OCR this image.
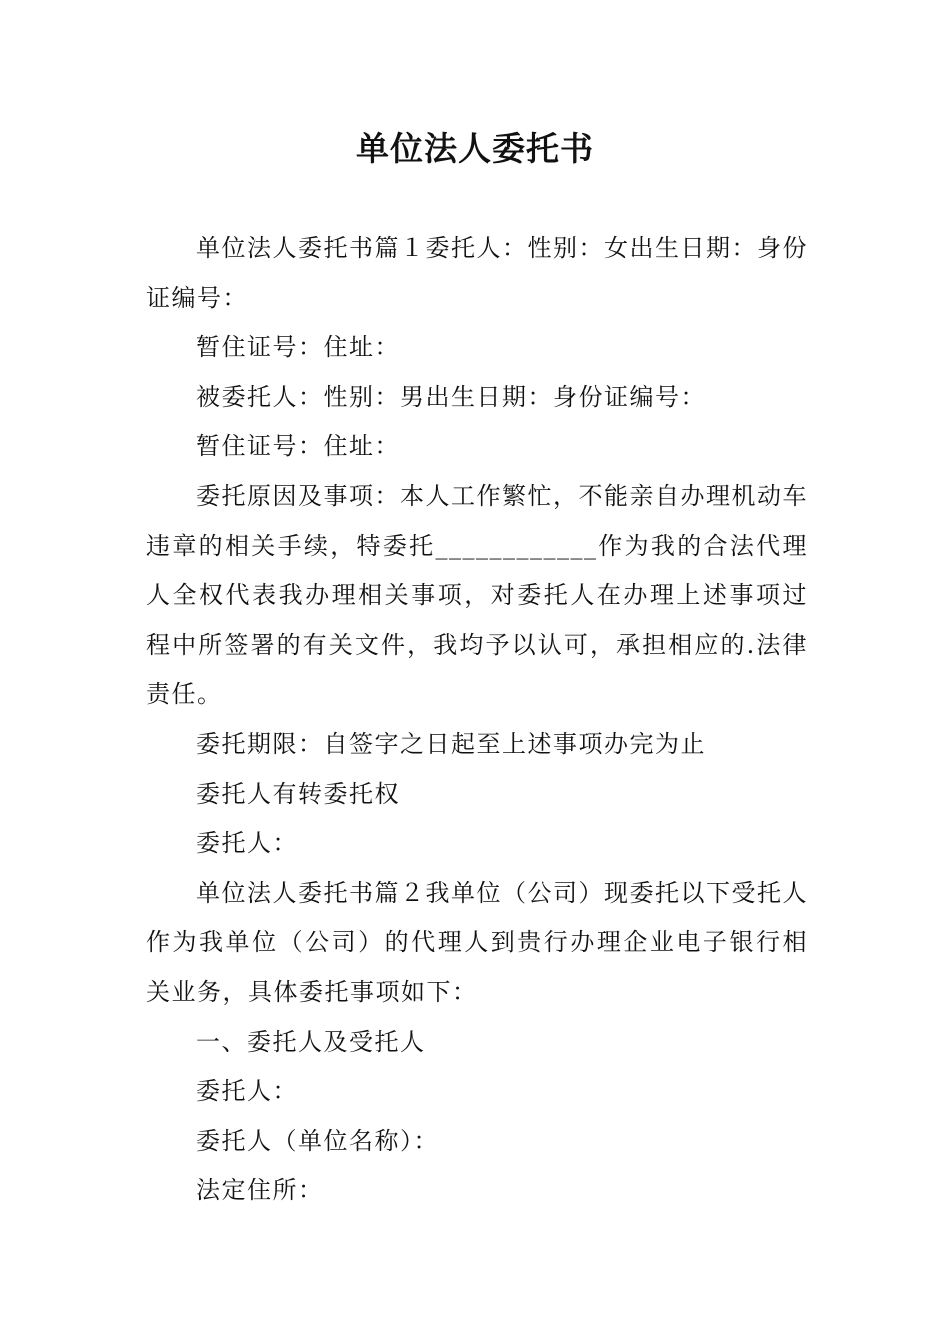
单位法人委托书

单位法人委托书篇１委托人：性别：女出生日期：身份证编号：

暂住证号：住址：

被委托人：性别：男出生日期：身份证编号：

暂住证号：住址：

委托原因及事项：本人工作繁忙，不能亲自办理机动车违章的相关手续，特委托____________作为我的合法代理人全权代表我办理相关事项，对委托人在办理上述事项过程中所签署的有关文件，我均予以认可，承担相应的.法律责任。

委托期限：自签字之日起至上述事项办完为止

委托人有转委托权

委托人：

单位法人委托书篇２我单位（公司）现委托以下受托人作为我单位（公司）的代理人到贵行办理企业电子银行相关业务，具体委托事项如下：

一、委托人及受托人

委托人：

委托人（单位名称）：

法定住所：
